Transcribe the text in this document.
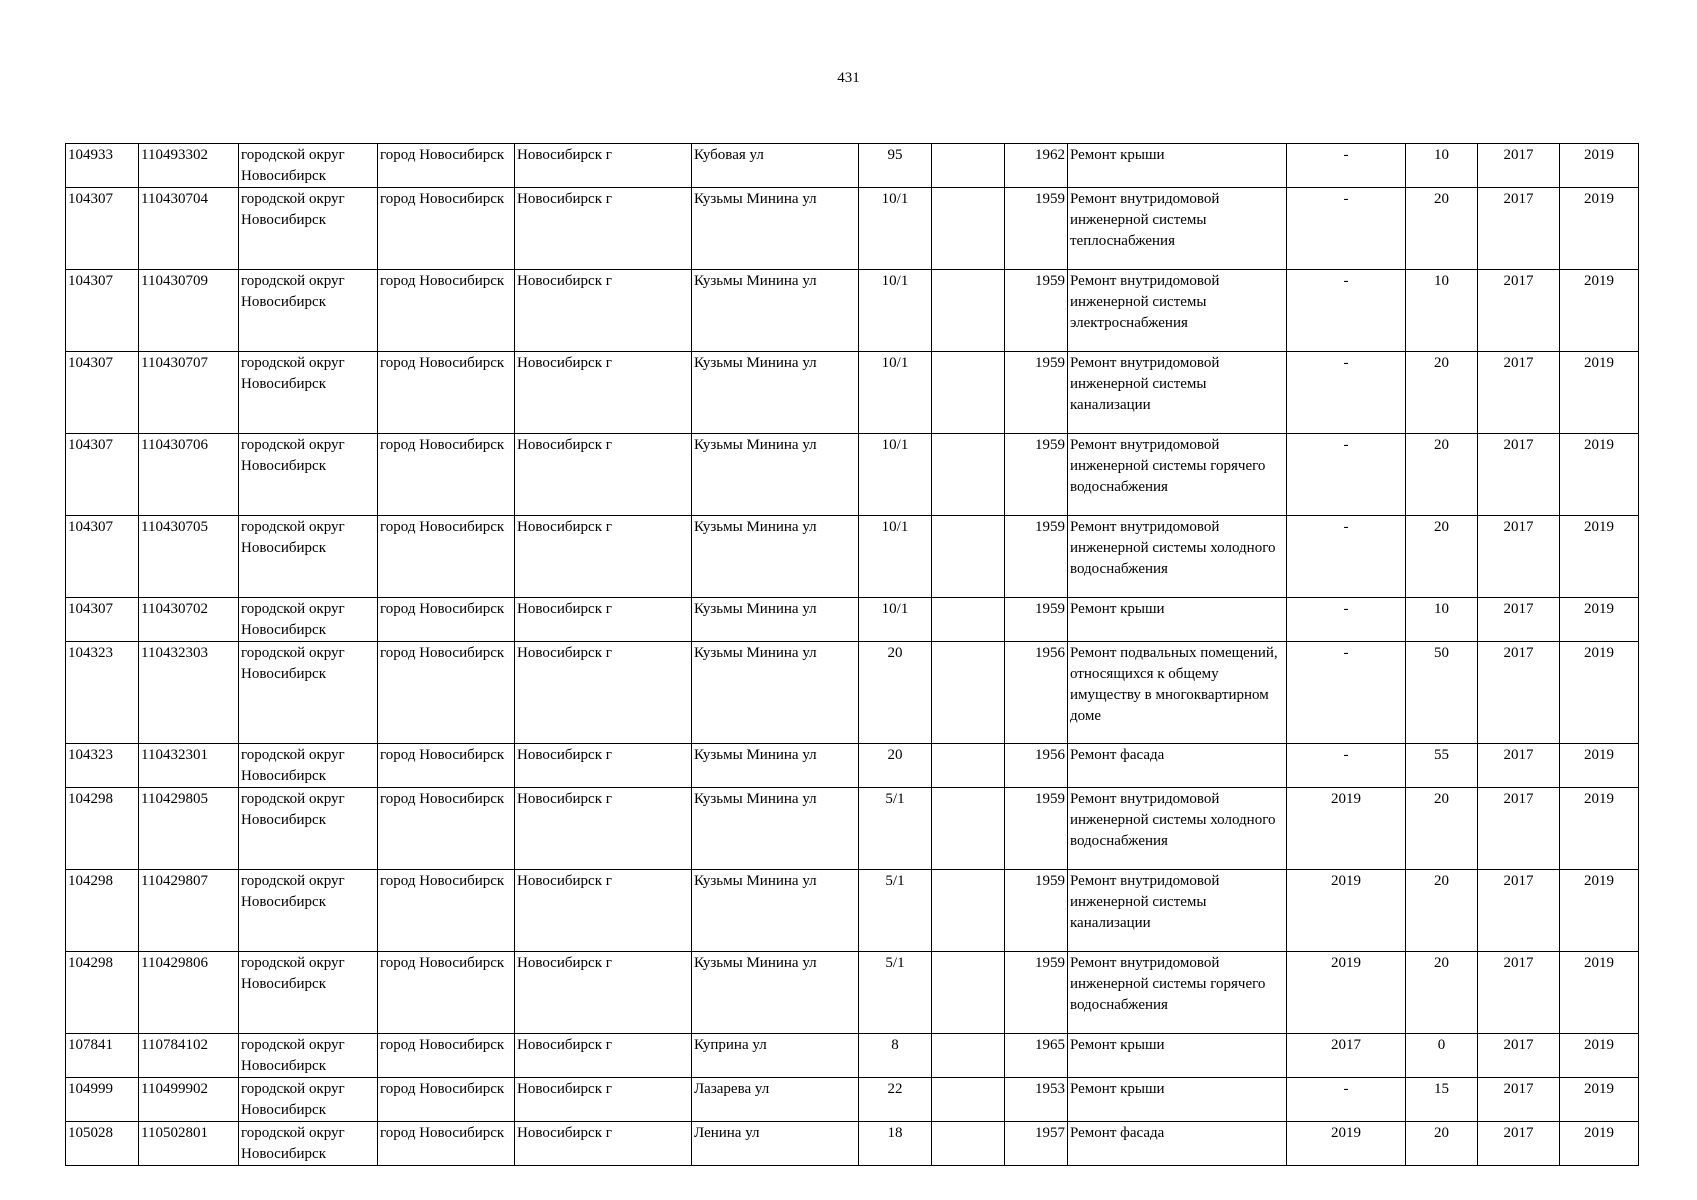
431
104933	110493302	городской округ Новосибирск	город Новосибирск	Новосибирск г	Кубовая ул	95		1962	Ремонт крыши	-	10	2017	2019
104307	110430704	городской округ Новосибирск	город Новосибирск	Новосибирск г	Кузьмы Минина ул	10/1		1959	Ремонт внутридомовой инженерной системы теплоснабжения	-	20	2017	2019
104307	110430709	городской округ Новосибирск	город Новосибирск	Новосибирск г	Кузьмы Минина ул	10/1		1959	Ремонт внутридомовой инженерной системы электроснабжения	-	10	2017	2019
104307	110430707	городской округ Новосибирск	город Новосибирск	Новосибирск г	Кузьмы Минина ул	10/1		1959	Ремонт внутридомовой инженерной системы канализации	-	20	2017	2019
104307	110430706	городской округ Новосибирск	город Новосибирск	Новосибирск г	Кузьмы Минина ул	10/1		1959	Ремонт внутридомовой инженерной системы горячего водоснабжения	-	20	2017	2019
104307	110430705	городской округ Новосибирск	город Новосибирск	Новосибирск г	Кузьмы Минина ул	10/1		1959	Ремонт внутридомовой инженерной системы холодного водоснабжения	-	20	2017	2019
104307	110430702	городской округ Новосибирск	город Новосибирск	Новосибирск г	Кузьмы Минина ул	10/1		1959	Ремонт крыши	-	10	2017	2019
104323	110432303	городской округ Новосибирск	город Новосибирск	Новосибирск г	Кузьмы Минина ул	20		1956	Ремонт подвальных помещений, относящихся к общему имуществу в многоквартирном доме	-	50	2017	2019
104323	110432301	городской округ Новосибирск	город Новосибирск	Новосибирск г	Кузьмы Минина ул	20		1956	Ремонт фасада	-	55	2017	2019
104298	110429805	городской округ Новосибирск	город Новосибирск	Новосибирск г	Кузьмы Минина ул	5/1		1959	Ремонт внутридомовой инженерной системы холодного водоснабжения	2019	20	2017	2019
104298	110429807	городской округ Новосибирск	город Новосибирск	Новосибирск г	Кузьмы Минина ул	5/1		1959	Ремонт внутридомовой инженерной системы канализации	2019	20	2017	2019
104298	110429806	городской округ Новосибирск	город Новосибирск	Новосибирск г	Кузьмы Минина ул	5/1		1959	Ремонт внутридомовой инженерной системы горячего водоснабжения	2019	20	2017	2019
107841	110784102	городской округ Новосибирск	город Новосибирск	Новосибирск г	Куприна ул	8		1965	Ремонт крыши	2017	0	2017	2019
104999	110499902	городской округ Новосибирск	город Новосибирск	Новосибирск г	Лазарева ул	22		1953	Ремонт крыши	-	15	2017	2019
105028	110502801	городской округ Новосибирск	город Новосибирск	Новосибирск г	Ленина ул	18		1957	Ремонт фасада	2019	20	2017	2019
